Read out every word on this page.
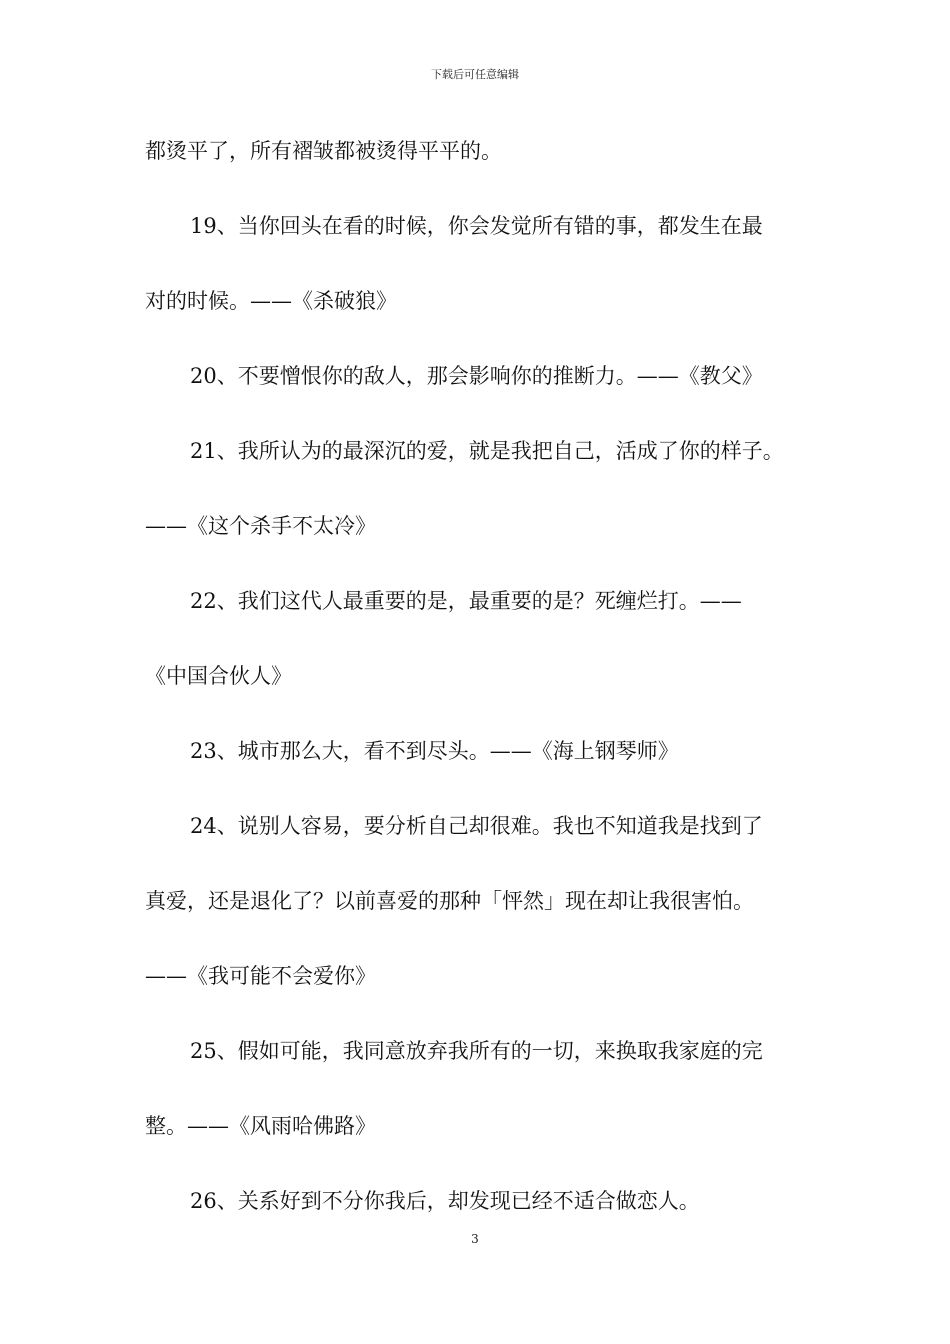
下载后可任意编辑
都烫平了，所有褶皱都被烫得平平的。
19、当你回头在看的时候，你会发觉所有错的事，都发生在最
对的时候。——《杀破狼》
20、不要憎恨你的敌人，那会影响你的推断力。——《教父》
21、我所认为的最深沉的爱，就是我把自己，活成了你的样子。
——《这个杀手不太冷》
22、我们这代人最重要的是，最重要的是？死缠烂打。——
《中国合伙人》
23、城市那么大，看不到尽头。——《海上钢琴师》
24、说别人容易，要分析自己却很难。我也不知道我是找到了
真爱，还是退化了？以前喜爱的那种「怦然」现在却让我很害怕。
——《我可能不会爱你》
25、假如可能，我同意放弃我所有的一切，来换取我家庭的完
整。——《风雨哈佛路》
26、关系好到不分你我后，却发现已经不适合做恋人。
3
